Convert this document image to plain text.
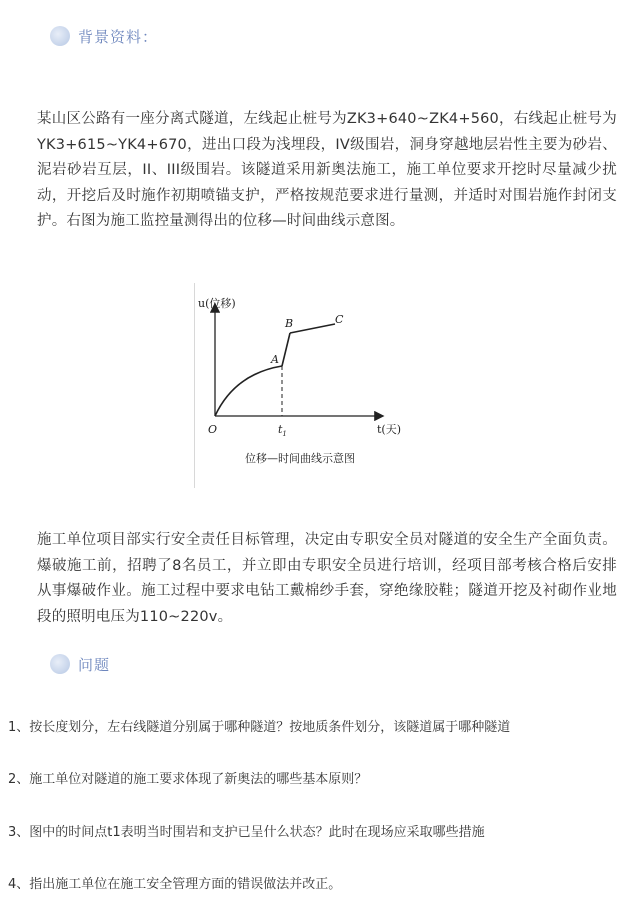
背景资料：
某山区公路有一座分离式隧道，左线起止桩号为ZK3+640~ZK4+560，右线起止桩号为YK3+615~YK4+670，进出口段为浅埋段，IV级围岩，洞身穿越地层岩性主要为砂岩、泥岩砂岩互层，II、III级围岩。该隧道采用新奥法施工，施工单位要求开挖时尽量减少扰动，开挖后及时施作初期喷锚支护，严格按规范要求进行量测，并适时对围岩施作封闭支护。右图为施工监控量测得出的位移—时间曲线示意图。
u(位移)
O	$t_1$	t(天)
A
B	C
位移—时间曲线示意图
施工单位项目部实行安全责任目标管理，决定由专职安全员对隧道的安全生产全面负责。爆破施工前，招聘了8名员工，并立即由专职安全员进行培训，经项目部考核合格后安排从事爆破作业。施工过程中要求电钻工戴棉纱手套，穿绝缘胶鞋；隧道开挖及衬砌作业地段的照明电压为110~220v。
问题
1、按长度划分，左右线隧道分别属于哪种隧道？按地质条件划分，该隧道属于哪种隧道
2、施工单位对隧道的施工要求体现了新奥法的哪些基本原则？
3、图中的时间点t1表明当时围岩和支护已呈什么状态？此时在现场应采取哪些措施
4、指出施工单位在施工安全管理方面的错误做法并改正。
